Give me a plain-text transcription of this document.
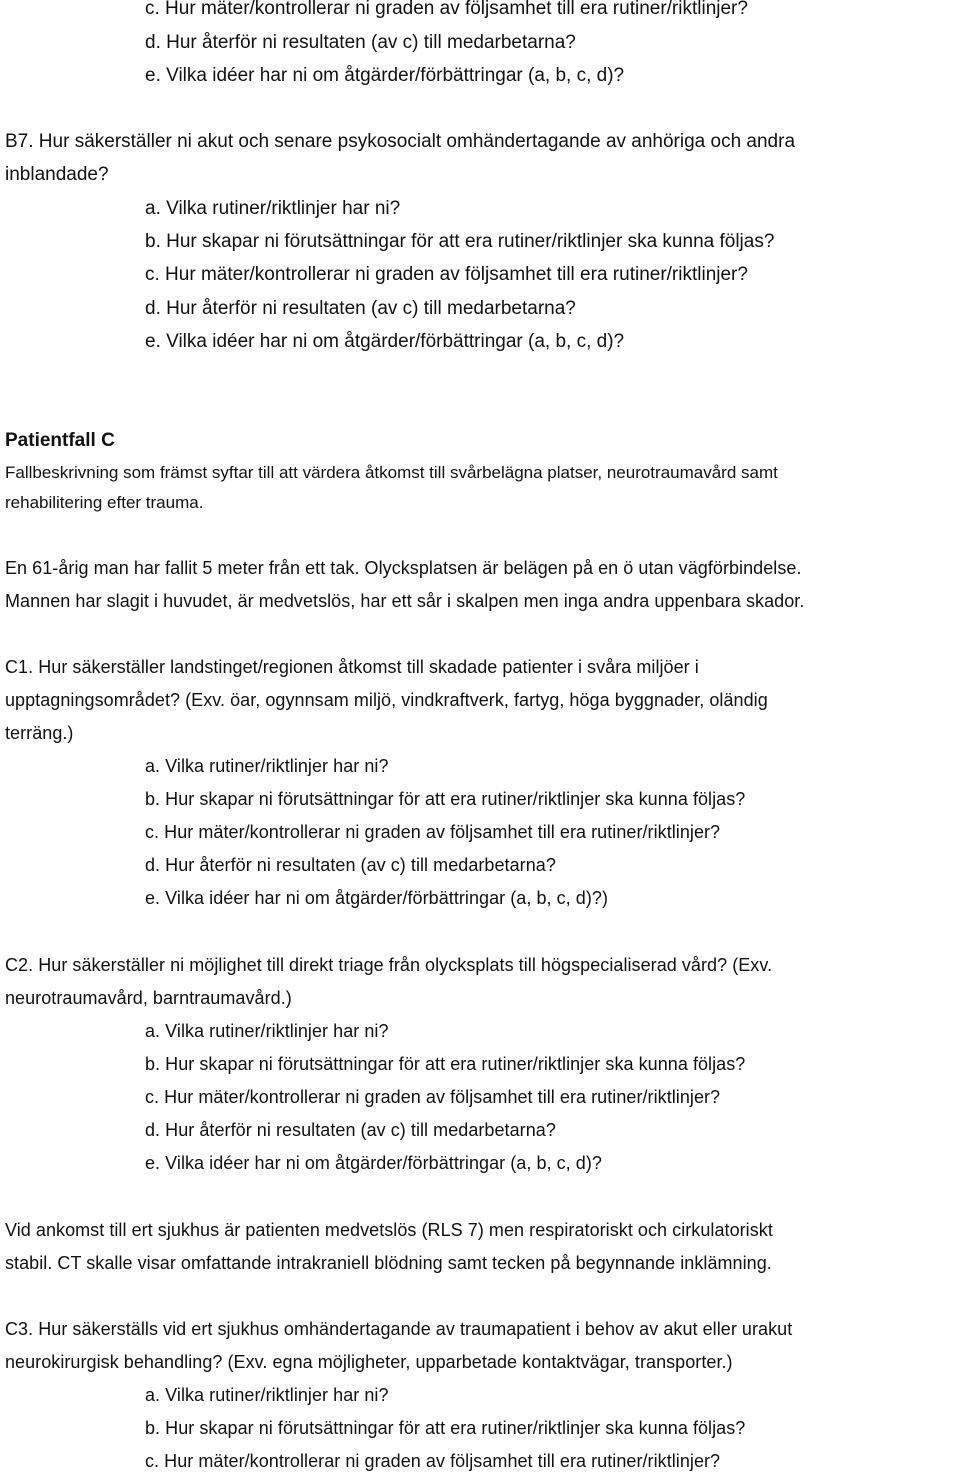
c. Hur mäter/kontrollerar ni graden av följsamhet till era rutiner/riktlinjer?
d. Hur återför ni resultaten (av c) till medarbetarna?
e. Vilka idéer har ni om åtgärder/förbättringar (a, b, c, d)?
B7. Hur säkerställer ni akut och senare psykosocialt omhändertagande av anhöriga och andra
inblandade?
a. Vilka rutiner/riktlinjer har ni?
b. Hur skapar ni förutsättningar för att era rutiner/riktlinjer ska kunna följas?
c. Hur mäter/kontrollerar ni graden av följsamhet till era rutiner/riktlinjer?
d. Hur återför ni resultaten (av c) till medarbetarna?
e. Vilka idéer har ni om åtgärder/förbättringar (a, b, c, d)?
Patientfall C
Fallbeskrivning som främst syftar till att värdera åtkomst till svårbelägna platser, neurotraumavård samt
rehabilitering efter trauma.
En 61-årig man har fallit 5 meter från ett tak. Olycksplatsen är belägen på en ö utan vägförbindelse.
Mannen har slagit i huvudet, är medvetslös, har ett sår i skalpen men inga andra uppenbara skador.
C1. Hur säkerställer landstinget/regionen åtkomst till skadade patienter i svåra miljöer i
upptagningsområdet? (Exv. öar, ogynnsam miljö, vindkraftverk, fartyg, höga byggnader, oländig
terräng.)
a. Vilka rutiner/riktlinjer har ni?
b. Hur skapar ni förutsättningar för att era rutiner/riktlinjer ska kunna följas?
c. Hur mäter/kontrollerar ni graden av följsamhet till era rutiner/riktlinjer?
d. Hur återför ni resultaten (av c) till medarbetarna?
e. Vilka idéer har ni om åtgärder/förbättringar (a, b, c, d)?)
C2. Hur säkerställer ni möjlighet till direkt triage från olycksplats till högspecialiserad vård? (Exv.
neurotraumavård, barntraumavård.)
a. Vilka rutiner/riktlinjer har ni?
b. Hur skapar ni förutsättningar för att era rutiner/riktlinjer ska kunna följas?
c. Hur mäter/kontrollerar ni graden av följsamhet till era rutiner/riktlinjer?
d. Hur återför ni resultaten (av c) till medarbetarna?
e. Vilka idéer har ni om åtgärder/förbättringar (a, b, c, d)?
Vid ankomst till ert sjukhus är patienten medvetslös (RLS 7) men respiratoriskt och cirkulatoriskt
stabil. CT skalle visar omfattande intrakraniell blödning samt tecken på begynnande inklämning.
C3. Hur säkerställs vid ert sjukhus omhändertagande av traumapatient i behov av akut eller urakut
neurokirurgisk behandling? (Exv. egna möjligheter, upparbetade kontaktvägar, transporter.)
a. Vilka rutiner/riktlinjer har ni?
b. Hur skapar ni förutsättningar för att era rutiner/riktlinjer ska kunna följas?
c. Hur mäter/kontrollerar ni graden av följsamhet till era rutiner/riktlinjer?
